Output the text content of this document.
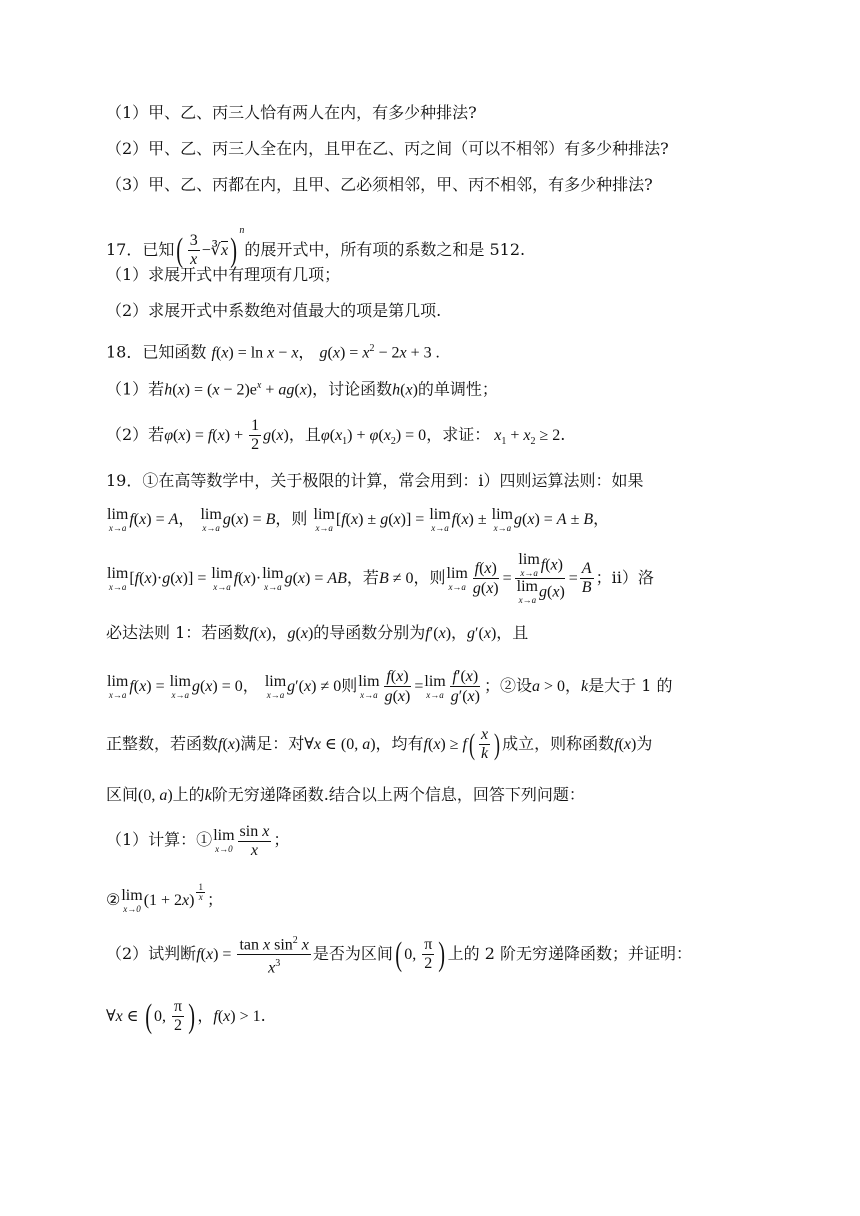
（1）甲、乙、丙三人恰有两人在内，有多少种排法?
（2）甲、乙、丙三人全在内，且甲在乙、丙之间（可以不相邻）有多少种排法?
（3）甲、乙、丙都在内，且甲、乙必须相邻，甲、丙不相邻，有多少种排法?
17．已知( $\frac{3}{x}$ −∛x)$^n$的展开式中，所有项的系数之和是 512.
（1）求展开式中有理项有几项；
（2）求展开式中系数绝对值最大的项是第几项.
18．已知函数 f(x) = ln x − x， $g(x) = x^2 - 2x + 3$ .
（1）若$h(x) = (x - 2)e^x + ag(x)$，讨论函数h(x)的单调性；
（2）若$\varphi(x) = f(x) + \frac{1}{2} g(x)$，且$\varphi(x_1) + \varphi(x_2) = 0$，求证： $x_1 + x_2 \ge 2$.
19．①在高等数学中，关于极限的计算，常会用到：i）四则运算法则：如果
lim
x→a f(x) = A， lim
x→a g(x) = B，则 lim
x→a [f(x) ± g(x)] = lim
x→a f(x) ± lim
x→a g(x) = A ± B，
lim
x→a [f(x)·g(x)] = lim
x→a f(x)· lim
x→a g(x) = AB，若B ≠ 0，则 lim
$x\to a \frac{f(x)}{g(x)} = \lim$
x→a f(x)
lim
x→a $g(x) = \frac{A}{B}$ ；ii）洛
必达法则 1：若函数f(x)，g(x)的导函数分别为f′(x)，g′(x)，且
lim
x→a f(x) = lim
x→a g(x) = 0， lim
x→a g′(x) ≠ 0则 lim
$x\to a \frac{f(x)}{g(x)} = \lim$
$x\to a \frac{f'(x)}{g'(x)}$ ；②设a > 0，k是大于 1 的
正整数，若函数f(x)满足：对∀x ∈ (0, a)，均有$f(x) \ge f( \frac{x}{k}$ ) 成立，则称函数f(x)为
区间(0, a)上的k阶无穷递降函数.结合以上两个信息，回答下列问题：
（1）计算：① lim
$x\to 0 \frac{\text{sin x}}{x}$ ；
② lim
x→0 (1 + 2x) $^{\frac{1}{x}}$ ；
（2）试判断$f(x) = \frac{\tan x \sin^2 x}{x^3}$ 是否为区间( 0, $\frac{\pi}{2}$ ) 上的 2 阶无穷递降函数；并证明：
∀x ∈ ( 0, $\frac{\pi}{2}$ ) ，f(x) > 1.
